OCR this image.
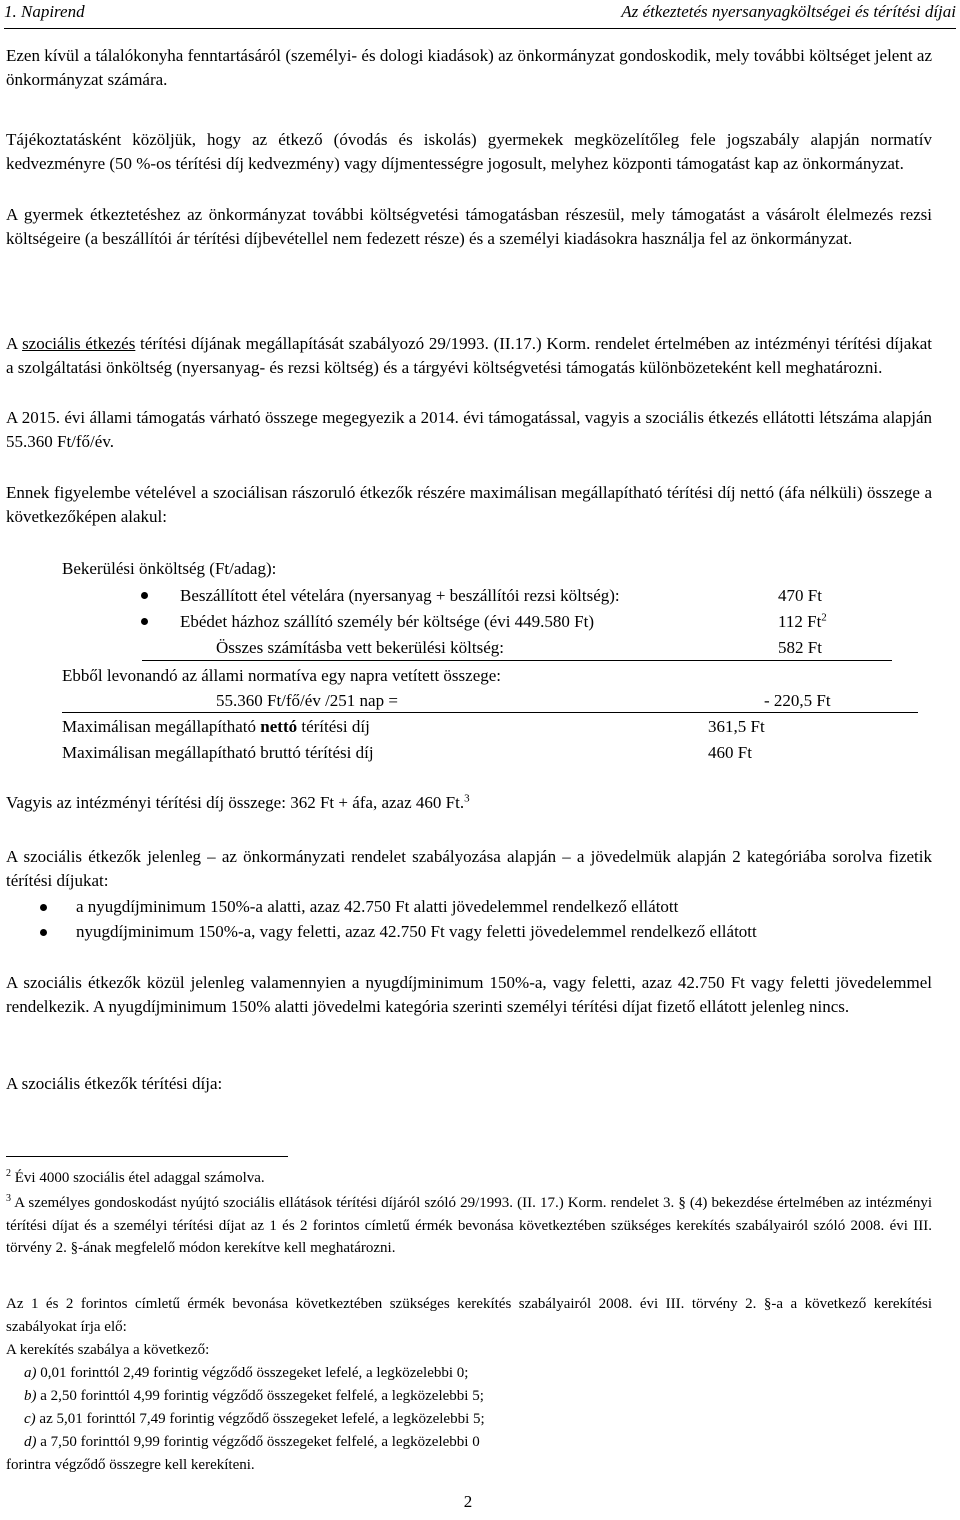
1. Napirend	Az étkeztetés nyersanyagköltségei és térítési díjai

Ezen kívül a tálalókonyha fenntartásáról (személyi- és dologi kiadások) az önkormányzat gondoskodik, mely további költséget jelent az önkormányzat számára.

Tájékoztatásként közöljük, hogy az étkező (óvodás és iskolás) gyermekek megközelítőleg fele jogszabály alapján normatív kedvezményre (50 %-os térítési díj kedvezmény) vagy díjmentességre jogosult, melyhez központi támogatást kap az önkormányzat.

A gyermek étkeztetéshez az önkormányzat további költségvetési támogatásban részesül, mely támogatást a vásárolt élelmezés rezsi költségeire (a beszállítói ár térítési díjbevétellel nem fedezett része) és a személyi kiadásokra használja fel az önkormányzat.

A szociális étkezés térítési díjának megállapítását szabályozó 29/1993. (II.17.) Korm. rendelet értelmében az intézményi térítési díjakat a szolgáltatási önköltség (nyersanyag- és rezsi költség) és a tárgyévi költségvetési támogatás különbözeteként kell meghatározni.

A 2015. évi állami támogatás várható összege megegyezik a 2014. évi támogatással, vagyis a szociális étkezés ellátotti létszáma alapján 55.360 Ft/fő/év.

Ennek figyelembe vételével a szociálisan rászoruló étkezők részére maximálisan megállapítható térítési díj nettó (áfa nélküli) összege a következőképen alakul:

Bekerülési önköltség (Ft/adag):
Beszállított étel vételára (nyersanyag + beszállítói rezsi költség):	470 Ft
Ebédet házhoz szállító személy bér költsége (évi 449.580 Ft)	112 Ft$^2$
Összes számításba vett bekerülési költség:	582 Ft
Ebből levonandó az állami normatíva egy napra vetített összege:
55.360 Ft/fő/év /251 nap =	- 220,5 Ft
Maximálisan megállapítható nettó térítési díj	361,5 Ft
Maximálisan megállapítható bruttó térítési díj	460 Ft

Vagyis az intézményi térítési díj összege: 362 Ft + áfa, azaz 460 Ft.$^3$

A szociális étkezők jelenleg – az önkormányzati rendelet szabályozása alapján – a jövedelmük alapján 2 kategóriába sorolva fizetik térítési díjukat:

a nyugdíjminimum 150%-a alatti, azaz 42.750 Ft alatti jövedelemmel rendelkező ellátott

nyugdíjminimum 150%-a, vagy feletti, azaz 42.750 Ft vagy feletti jövedelemmel rendelkező ellátott

A szociális étkezők közül jelenleg valamennyien a nyugdíjminimum 150%-a, vagy feletti, azaz 42.750 Ft vagy feletti jövedelemmel rendelkezik. A nyugdíjminimum 150% alatti jövedelmi kategória szerinti személyi térítési díjat fizető ellátott jelenleg nincs.

A szociális étkezők térítési díja:

$^2$ Évi 4000 szociális étel adaggal számolva.

$^3$ A személyes gondoskodást nyújtó szociális ellátások térítési díjáról szóló 29/1993. (II. 17.) Korm. rendelet 3. § (4) bekezdése értelmében az intézményi térítési díjat és a személyi térítési díjat az 1 és 2 forintos címletű érmék bevonása következtében szükséges kerekítés szabályairól szóló 2008. évi III. törvény 2. §-ának megfelelő módon kerekítve kell meghatározni.

Az 1 és 2 forintos címletű érmék bevonása következtében szükséges kerekítés szabályairól 2008. évi III. törvény 2. §-a a következő kerekítési szabályokat írja elő:

A kerekítés szabálya a következő:

a) 0,01 forinttól 2,49 forintig végződő összegeket lefelé, a legközelebbi 0;

b) a 2,50 forinttól 4,99 forintig végződő összegeket felfelé, a legközelebbi 5;

c) az 5,01 forinttól 7,49 forintig végződő összegeket lefelé, a legközelebbi 5;

d) a 7,50 forinttól 9,99 forintig végződő összegeket felfelé, a legközelebbi 0

forintra végződő összegre kell kerekíteni.

2
